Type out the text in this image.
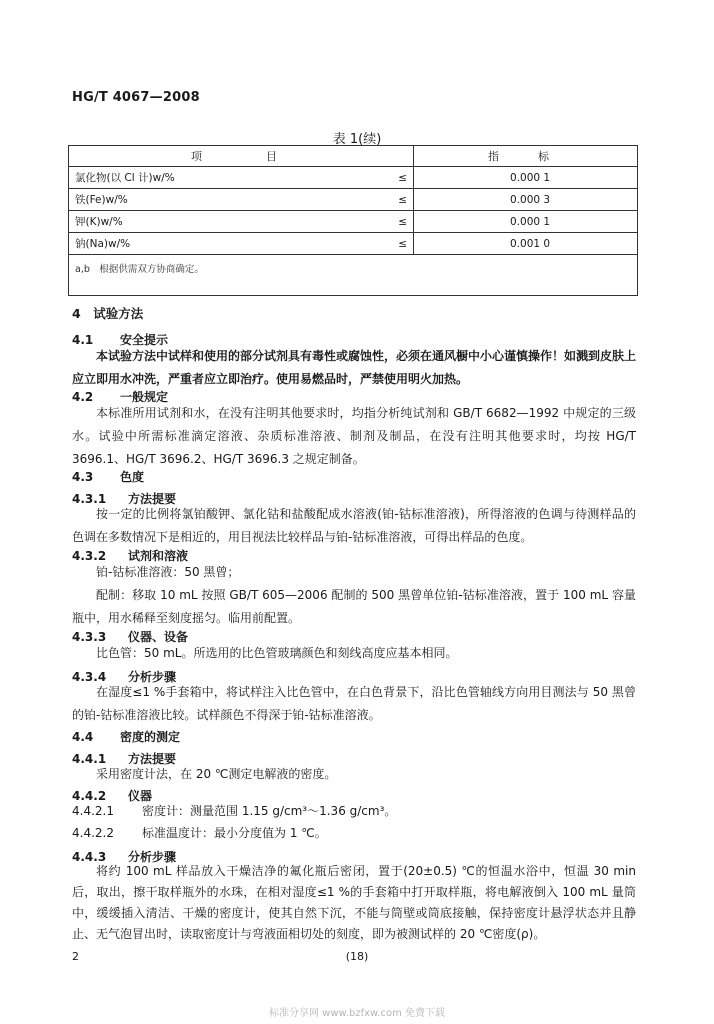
HG/T 4067—2008
表 1(续)
项　　目		指　标
氯化物(以 Cl 计)w/%	≤	0.000 1
铁(Fe)w/%	≤	0.000 3
钾(K)w/%	≤	0.000 1
钠(Na)w/%	≤	0.001 0
a,b　根据供需双方协商确定。		
4　试验方法
4.1 安全提示
本试验方法中试样和使用的部分试剂具有毒性或腐蚀性，必须在通风橱中小心谨慎操作！如溅到皮肤上应立即用水冲洗，严重者应立即治疗。使用易燃品时，严禁使用明火加热。
4.2 一般规定
本标准所用试剂和水，在没有注明其他要求时，均指分析纯试剂和 GB/T 6682—1992 中规定的三级水。试验中所需标准滴定溶液、杂质标准溶液、制剂及制品，在没有注明其他要求时，均按 HG/T 3696.1、HG/T 3696.2、HG/T 3696.3 之规定制备。
4.3 色度
4.3.1 方法提要
按一定的比例将氯铂酸钾、氯化钴和盐酸配成水溶液(铂-钴标准溶液)，所得溶液的色调与待测样品的色调在多数情况下是相近的，用目视法比较样品与铂-钴标准溶液，可得出样品的色度。
4.3.2 试剂和溶液
铂-钴标准溶液：50 黑曾；
配制：移取 10 mL 按照 GB/T 605—2006 配制的 500 黑曾单位铂-钴标准溶液，置于 100 mL 容量瓶中，用水稀释至刻度摇匀。临用前配置。
4.3.3 仪器、设备
比色管：50 mL。所选用的比色管玻璃颜色和刻线高度应基本相同。
4.3.4 分析步骤
在湿度≤1 %手套箱中，将试样注入比色管中，在白色背景下，沿比色管轴线方向用目测法与 50 黑曾的铂-钴标准溶液比较。试样颜色不得深于铂-钴标准溶液。
4.4 密度的测定
4.4.1 方法提要
采用密度计法，在 20 ℃测定电解液的密度。
4.4.2 仪器
4.4.2.1 密度计：测量范围 1.15 g/cm³～1.36 g/cm³。
4.4.2.2 标准温度计：最小分度值为 1 ℃。
4.4.3 分析步骤
将约 100 mL 样品放入干燥洁净的氟化瓶后密闭，置于(20±0.5) ℃的恒温水浴中，恒温 30 min 后，取出，擦干取样瓶外的水珠，在相对湿度≤1 %的手套箱中打开取样瓶，将电解液倒入 100 mL 量筒中，缓缓插入清洁、干燥的密度计，使其自然下沉，不能与筒壁或筒底接触，保持密度计悬浮状态并且静止、无气泡冒出时，读取密度计与弯液面相切处的刻度，即为被测试样的 20 ℃密度(ρ)。
2	(18)
标准分享网 www.bzfxw.com 免费下载
